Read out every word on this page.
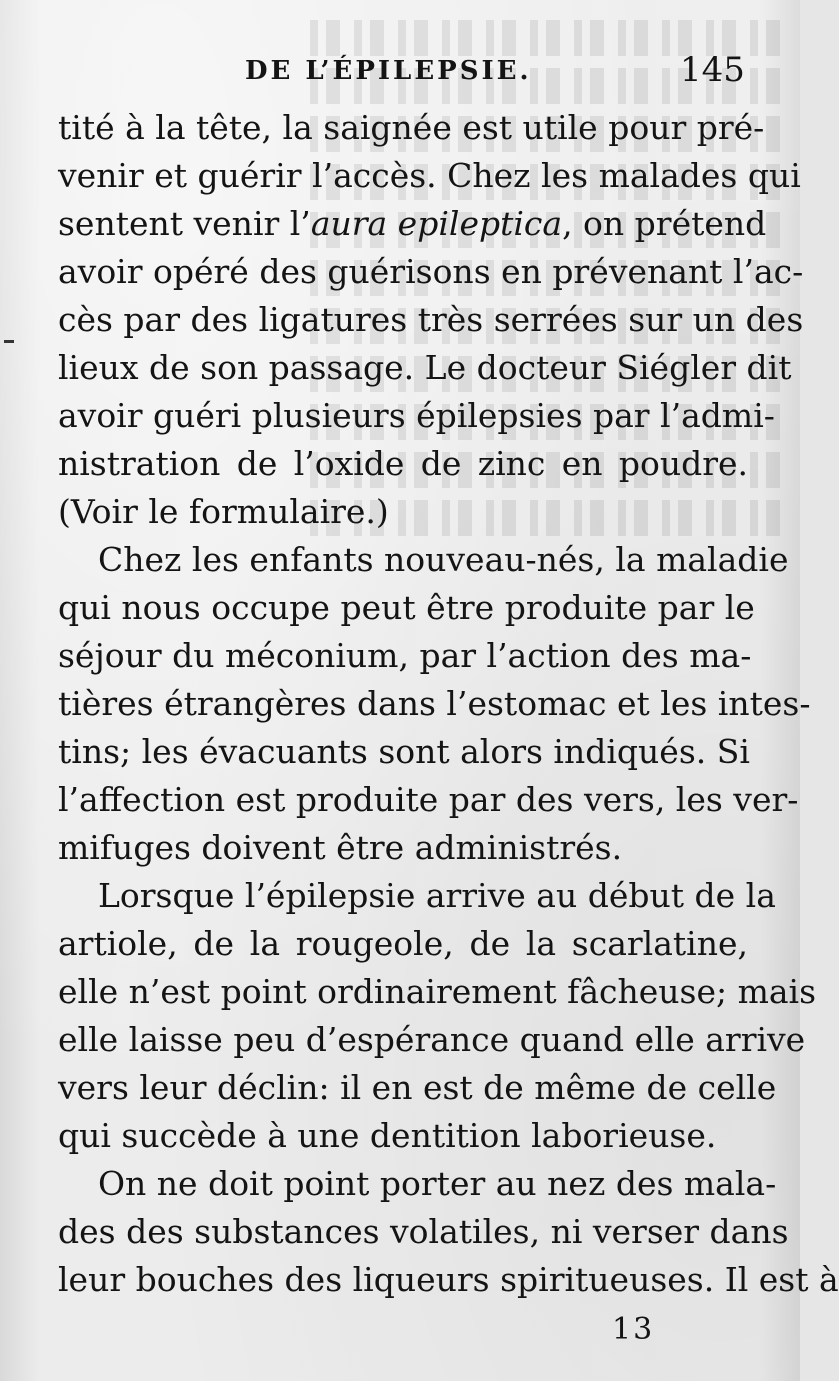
DE L’ÉPILEPSIE.	145
tité à la tête, la saignée est utile pour pré-
venir et guérir l’accès. Chez les malades qui
sentent venir l’aura epileptica, on prétend
avoir opéré des guérisons en prévenant l’ac-
cès par des ligatures très serrées sur un des
lieux de son passage. Le docteur Siégler dit
avoir guéri plusieurs épilepsies par l’admi-
nistration de l’oxide de zinc en poudre.
(Voir le formulaire.)
Chez les enfants nouveau-nés, la maladie
qui nous occupe peut être produite par le
séjour du méconium, par l’action des ma-
tières étrangères dans l’estomac et les intes-
tins; les évacuants sont alors indiqués. Si
l’affection est produite par des vers, les ver-
mifuges doivent être administrés.
Lorsque l’épilepsie arrive au début de la
artiole, de la rougeole, de la scarlatine,
elle n’est point ordinairement fâcheuse; mais
elle laisse peu d’espérance quand elle arrive
vers leur déclin: il en est de même de celle
qui succède à une dentition laborieuse.
On ne doit point porter au nez des mala-
des des substances volatiles, ni verser dans
leur bouches des liqueurs spiritueuses. Il est à
13
